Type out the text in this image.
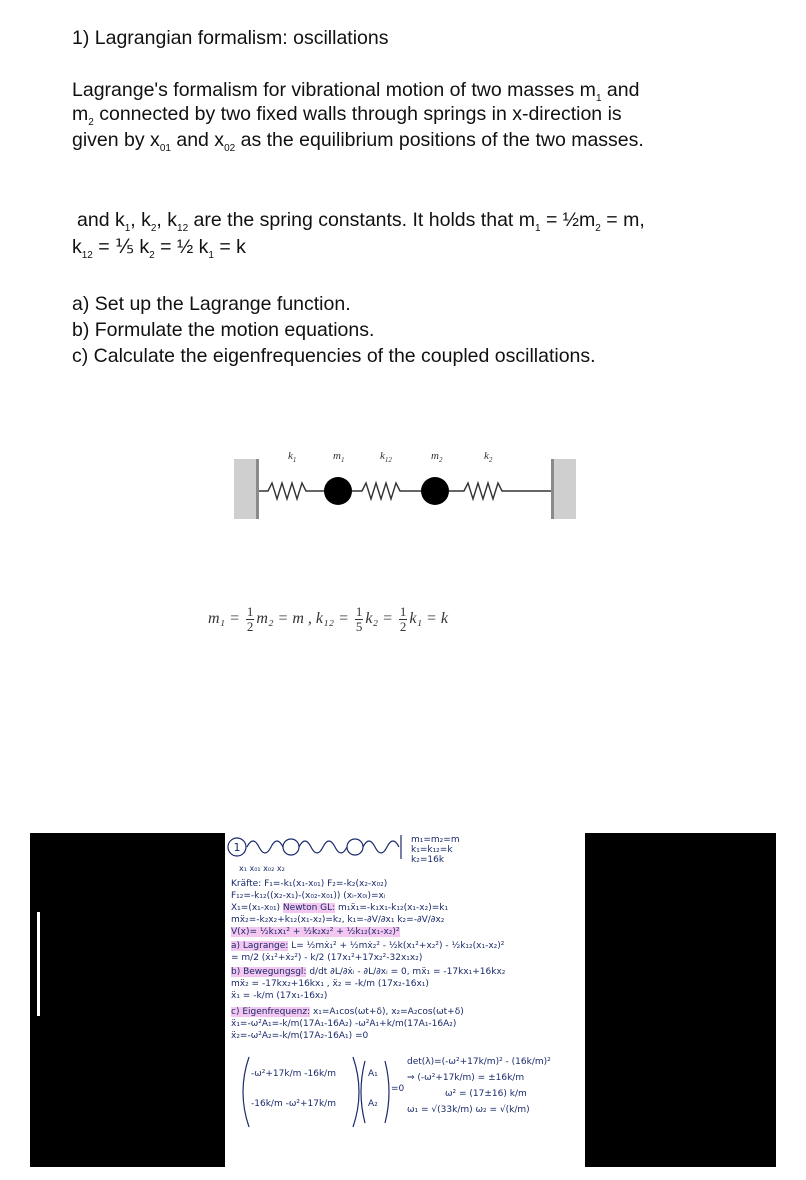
1) Lagrangian formalism: oscillations
Lagrange's formalism for vibrational motion of two masses $m_1$ and
$m_2$ connected by two fixed walls through springs in x-direction is
given by $x_{01}$ and $x_{02}$ as the equilibrium positions of the two masses.
and $k_1$, $k_2$, $k_{12}$ are the spring constants. It holds that $m_1$ = $\frac{1}{2}m_2 = m$,
$k_{12}$ = ⅕ $k_2$ = ½ $k_1 = k$
a) Set up the Lagrange function.
b) Formulate the motion equations.
c) Calculate the eigenfrequencies of the coupled oscillations.
$k_1$	$m_1$	$k_{12}$	$m_2$	$k_2$
$m_1 = \frac{1}{2} m_2 = m$ , $k_{12} = \frac{1}{5} k_2 = \frac{1}{2} k_1 = k$
1
m₁=m₂=m
k₁=k₁₂=k
k₂=16k
x₁ x₀₁ x₀₂ x₂
Kräfte: F₁=-k₁(x₁-x₀₁) F₂=-k₂(x₂-x₀₂)
F₁₂=-k₁₂((x₂-x₁)-(x₀₂-x₀₁)) (xᵢ-x₀ᵢ)=xᵢ
X₁=(x₁-x₀₁) Newton GL: m₁ẍ₁=-k₁x₁-k₁₂(x₁-x₂)=k₁
mẍ₂=-k₂x₂+k₁₂(x₁-x₂)=k₂, k₁=-∂V/∂x₁ k₂=-∂V/∂x₂
V(x)= ½k₁x₁² + ½k₂x₂² + ½k₁₂(x₁-x₂)²
a) Lagrange: L= ½mẋ₁² + ½mẋ₂² - ½k(x₁²+x₂²) - ½k₁₂(x₁-x₂)²
= m/2 (ẋ₁²+ẋ₂²) - k/2 (17x₁²+17x₂²-32x₁x₂)
b) Bewegungsgl: d/dt ∂L/∂ẋᵢ - ∂L/∂xᵢ = 0, mẍ₁ = -17kx₁+16kx₂
mẍ₂ = -17kx₂+16kx₁ , ẍ₂ = -k/m (17x₂-16x₁)
ẍ₁ = -k/m (17x₁-16x₂)
c) Eigenfrequenz: x₁=A₁cos(ωt+δ), x₂=A₂cos(ωt+δ)
ẍ₁=-ω²A₁=-k/m(17A₁-16A₂) -ω²A₁+k/m(17A₁-16A₂)
ẍ₂=-ω²A₂=-k/m(17A₂-16A₁) =0
-ω²+17k/m -16k/m
-16k/m -ω²+17k/m
A₁
A₂
=0
det(λ)=(-ω²+17k/m)² - (16k/m)²
⇒ (-ω²+17k/m) = ±16k/m
ω² = (17±16) k/m
ω₁ = √(33k/m) ω₂ = √(k/m)
